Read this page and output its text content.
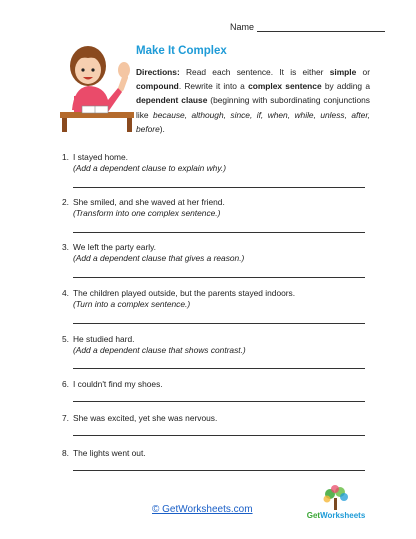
Name
Make It Complex
Directions: Read each sentence. It is either simple or compound. Rewrite it into a complex sentence by adding a dependent clause (beginning with subordinating conjunctions like because, although, since, if, when, while, unless, after, before).
1. I stayed home.
(Add a dependent clause to explain why.)
2. She smiled, and she waved at her friend.
(Transform into one complex sentence.)
3. We left the party early.
(Add a dependent clause that gives a reason.)
4. The children played outside, but the parents stayed indoors.
(Turn into a complex sentence.)
5. He studied hard.
(Add a dependent clause that shows contrast.)
6. I couldn't find my shoes.
7. She was excited, yet she was nervous.
8. The lights went out.
© GetWorksheets.com
GetWorksheets
